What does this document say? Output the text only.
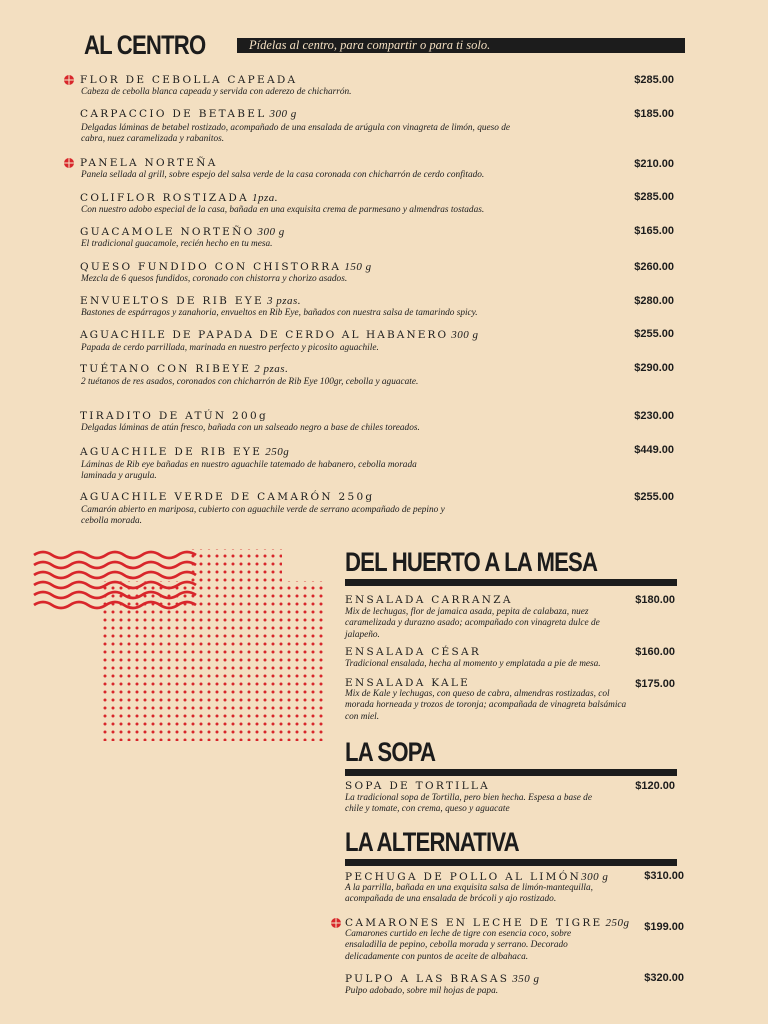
AL CENTRO	Pídelas al centro, para compartir o para ti solo.
FLOR DE CEBOLLA CAPEADA
Cabeza de cebolla blanca capeada y servida con aderezo de chicharrón.
$285.00
CARPACCIO DE BETABEL 300 g
Delgadas láminas de betabel rostizado, acompañado de una ensalada de arúgula con vinagreta de limón, queso de cabra, nuez caramelizada y rabanitos.
$185.00
PANELA NORTEÑA
Panela sellada al grill, sobre espejo del salsa verde de la casa coronada con chicharrón de cerdo confitado.
$210.00
COLIFLOR ROSTIZADA 1pza.
Con nuestro adobo especial de la casa, bañada en una exquisita crema de parmesano y almendras tostadas.
$285.00
GUACAMOLE NORTEÑO 300 g
El tradicional guacamole, recién hecho en tu mesa.
$165.00
QUESO FUNDIDO CON CHISTORRA 150 g
Mezcla de 6 quesos fundidos, coronado con chistorra y chorizo asados.
$260.00
ENVUELTOS DE RIB EYE 3 pzas.
Bastones de espárragos y zanahoria, envueltos en Rib Eye, bañados con nuestra salsa de tamarindo spicy.
$280.00
AGUACHILE DE PAPADA DE CERDO AL HABANERO 300 g
Papada de cerdo parrillada, marinada en nuestro perfecto y picosito aguachile.
$255.00
TUÉTANO CON RIBEYE 2 pzas.
2 tuétanos de res asados, coronados con chicharrón de Rib Eye 100gr, cebolla y aguacate.
$290.00
TIRADITO DE ATÚN 200g
Delgadas láminas de atún fresco, bañada con un salseado negro a base de chiles toreados.
$230.00
AGUACHILE DE RIB EYE 250g
Láminas de Rib eye bañadas en nuestro aguachile tatemado de habanero, cebolla morada laminada y arugula.
$449.00
AGUACHILE VERDE DE CAMARÓN 250g
Camarón abierto en mariposa, cubierto con aguachile verde de serrano acompañado de pepino y cebolla morada.
$255.00
DEL HUERTO A LA MESA
ENSALADA CARRANZA
Mix de lechugas, flor de jamaica asada, pepita de calabaza, nuez caramelizada y durazno asado; acompañado con vinagreta dulce de jalapeño.
$180.00
ENSALADA CÉSAR
Tradicional ensalada, hecha al momento y emplatada a pie de mesa.
$160.00
ENSALADA KALE
Mix de Kale y lechugas, con queso de cabra, almendras rostizadas, col morada horneada y trozos de toronja; acompañada de vinagreta balsámica con miel.
$175.00
LA SOPA
SOPA DE TORTILLA
La tradicional sopa de Tortilla, pero bien hecha. Espesa a base de chile y tomate, con crema, queso y aguacate
$120.00
LA ALTERNATIVA
PECHUGA DE POLLO AL LIMÓN300 g
A la parrilla, bañada en una exquisita salsa de limón-mantequilla, acompañada de una ensalada de brócoli y ajo rostizado.
$310.00
CAMARONES EN LECHE DE TIGRE 250g
Camarones curtido en leche de tigre con esencia coco, sobre ensaladilla de pepino, cebolla morada y serrano. Decorado delicadamente con puntos de aceite de albahaca.
$199.00
PULPO A LAS BRASAS 350 g
Pulpo adobado, sobre mil hojas de papa.
$320.00
